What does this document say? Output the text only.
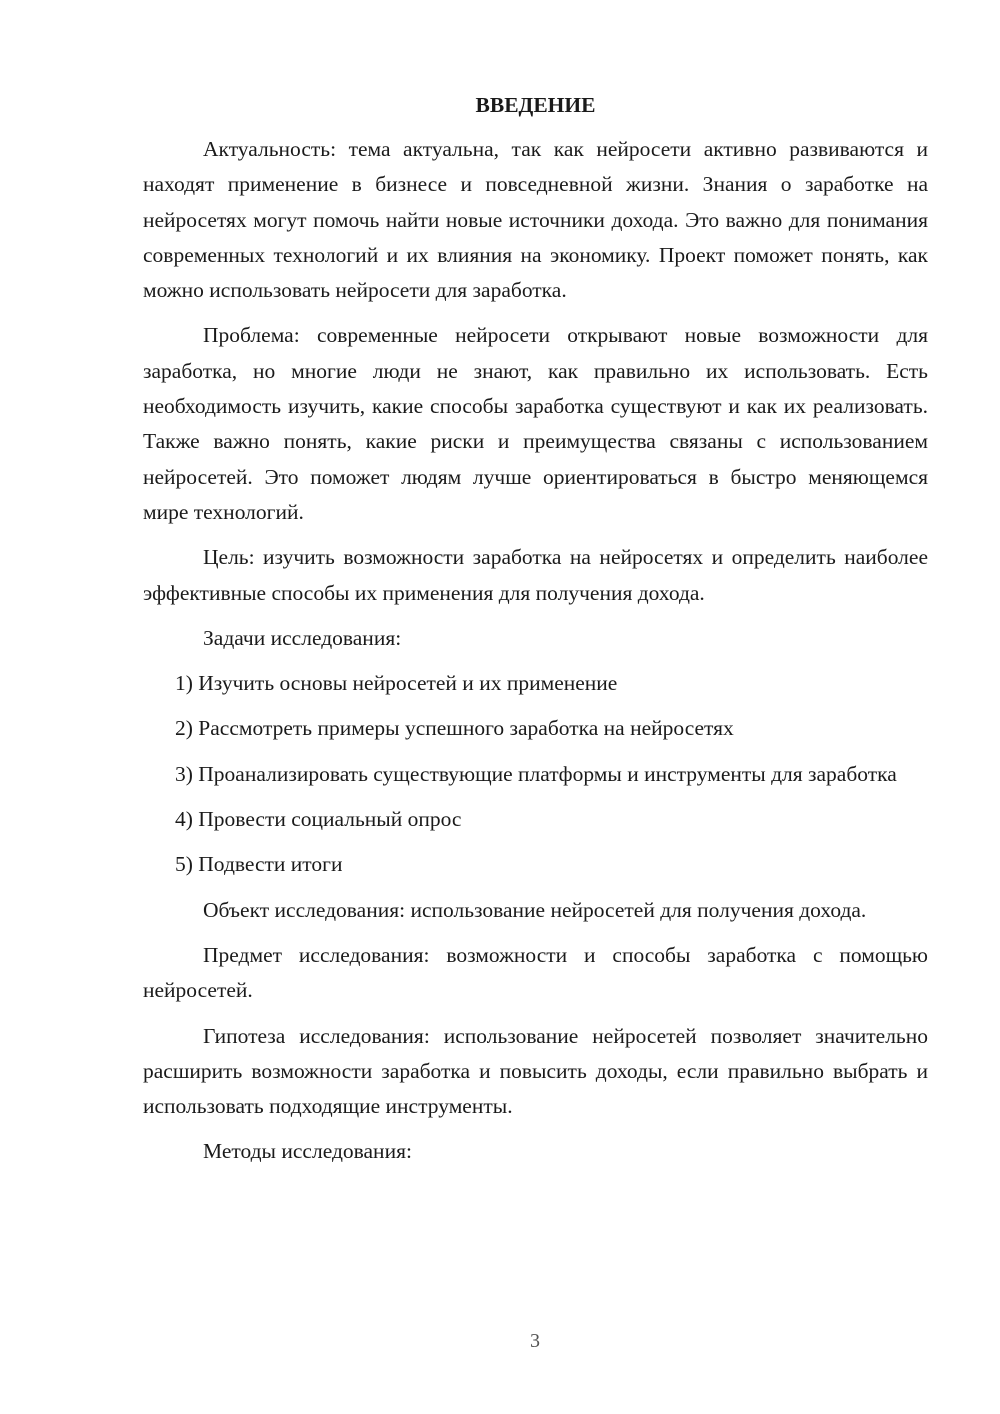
ВВЕДЕНИЕ

Актуальность: тема актуальна, так как нейросети активно развиваются и находят применение в бизнесе и повседневной жизни. Знания о заработке на нейросетях могут помочь найти новые источники дохода. Это важно для понимания современных технологий и их влияния на экономику. Проект поможет понять, как можно использовать нейросети для заработка.

Проблема: современные нейросети открывают новые возможности для заработка, но многие люди не знают, как правильно их использовать. Есть необходимость изучить, какие способы заработка существуют и как их реализовать. Также важно понять, какие риски и преимущества связаны с использованием нейросетей. Это поможет людям лучше ориентироваться в быстро меняющемся мире технологий.

Цель: изучить возможности заработка на нейросетях и определить наиболее эффективные способы их применения для получения дохода.

Задачи исследования:

1) Изучить основы нейросетей и их применение

2) Рассмотреть примеры успешного заработка на нейросетях

3) Проанализировать существующие платформы и инструменты для заработка

4) Провести социальный опрос

5) Подвести итоги

Объект исследования: использование нейросетей для получения дохода.

Предмет исследования: возможности и способы заработка с помощью нейросетей.

Гипотеза исследования: использование нейросетей позволяет значительно расширить возможности заработка и повысить доходы, если правильно выбрать и использовать подходящие инструменты.

Методы исследования:

3
